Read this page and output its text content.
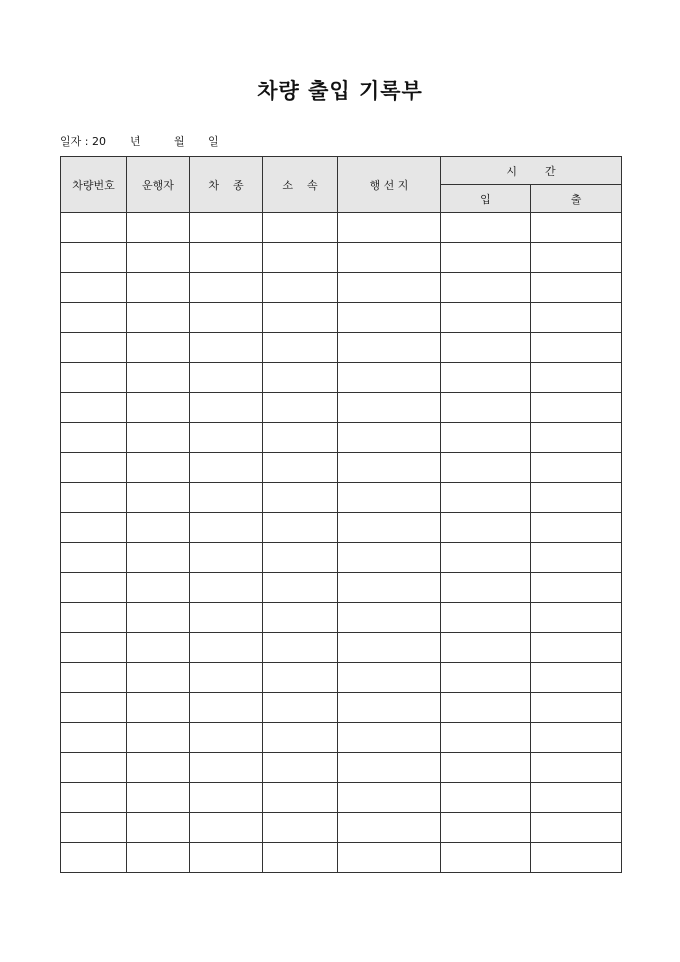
차량 출입 기록부
일자 : 20 년	월 일
차량번호	운행자	차    종	소    속	행 선 지	시        간	
					입	출
